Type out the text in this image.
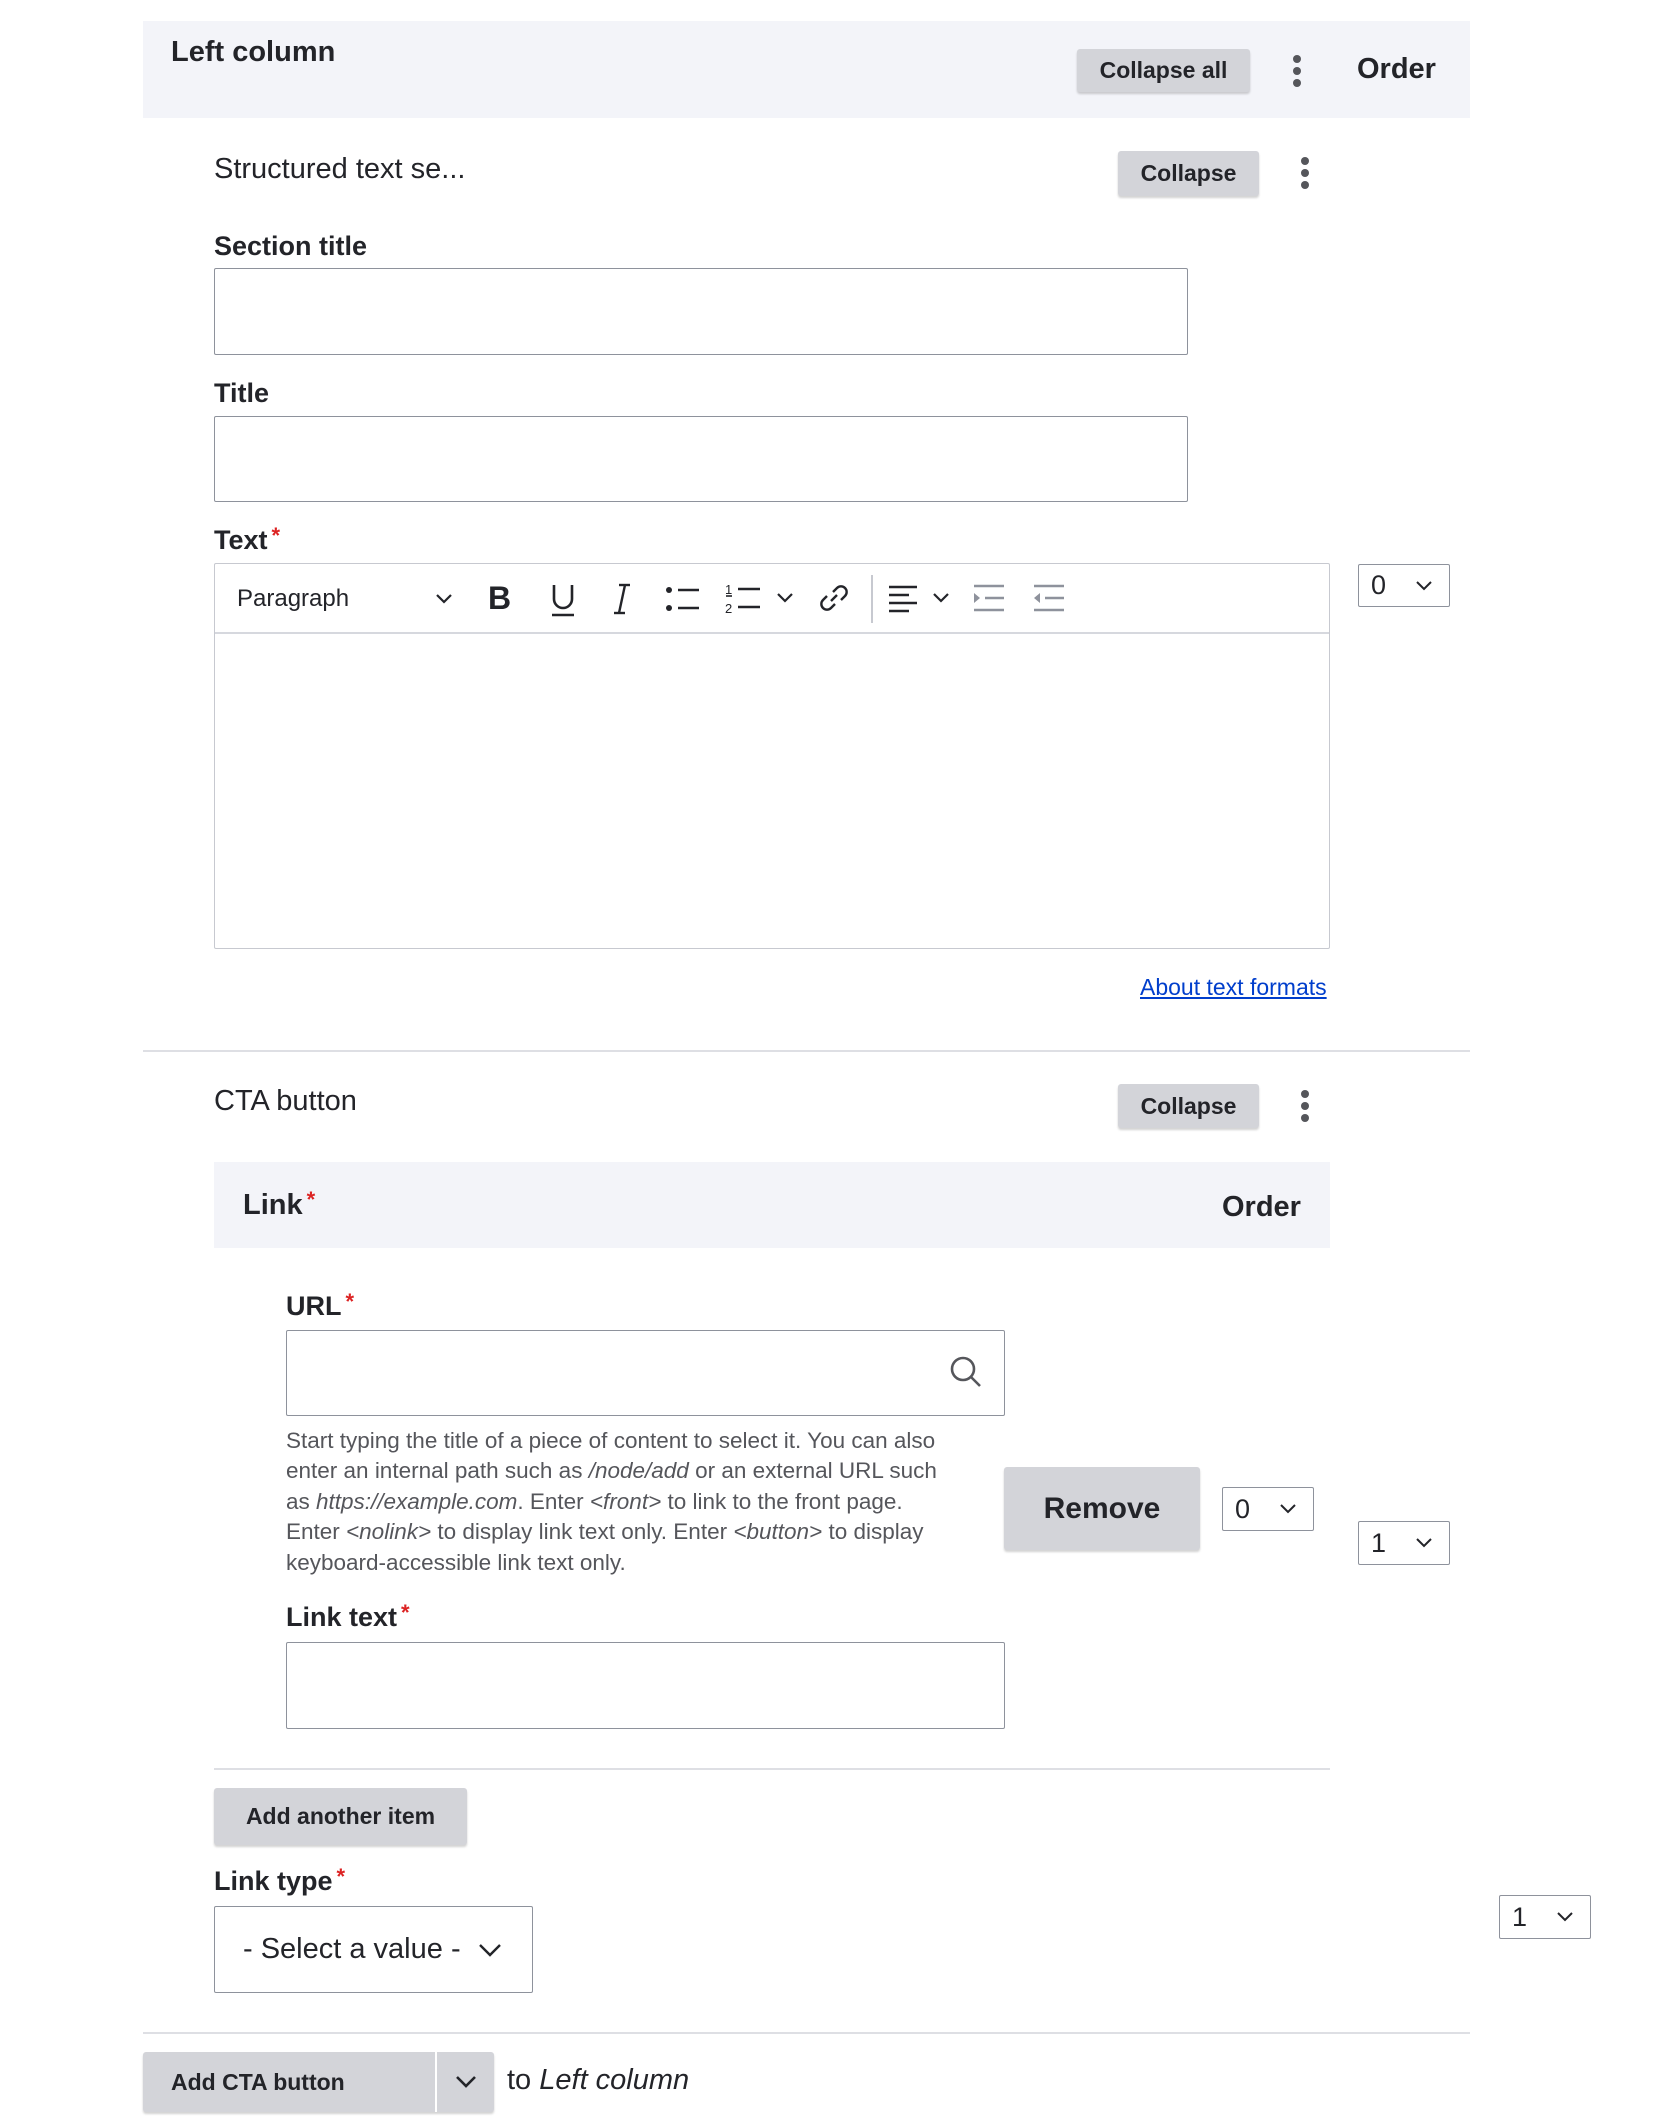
Left column
Collapse all	Order
Structured text se...	Collapse
Section title
Title
Text *
Paragraph	B	1
2
0
About text formats
CTA button	Collapse
Link *	Order
URL *
Start typing the title of a piece of content to select it. You can also
enter an internal path such as /node/add or an external URL such
as https://example.com. Enter <front> to link to the front page.
Enter <nolink> to display link text only. Enter <button> to display
keyboard-accessible link text only.
Remove	0
1
Link text *
Add another item
Link type *
- Select a value -
1
Add CTA button	to Left column
